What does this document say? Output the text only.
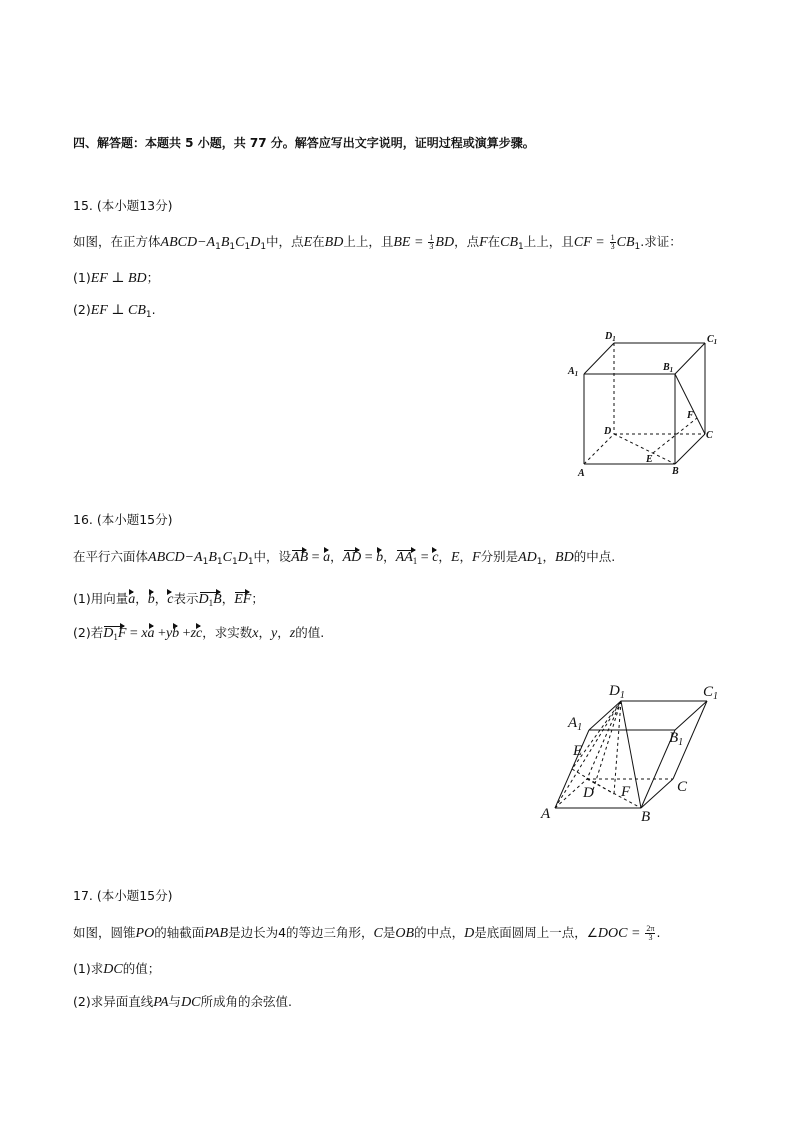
四、解答题：本题共 5 小题，共 77 分。解答应写出文字说明，证明过程或演算步骤。
15. (本小题13分)
如图，在正方体$ABCD-A_1B_1C_1D_1$中，点E在BD上上，且BE = $\frac{1}{3}$ BD，点F在$CB_1$上上，且CF = $\frac{1}{3} CB_1$.求证：
(1)EF ⊥ BD；
(2)EF ⊥ $CB_1$.
$D_1$	$C_1$
$A_1$
$B_1$
D	C
A	B
E
F
16. (本小题15分)
在平行六面体$ABCD-A_1B_1C_1D_1$中，设AB = a，AD = b，$AA_1 = c$，E，F分别是$AD_1$，BD的中点.
(1)用向量a，b，c表示$D_1B$，EF；
(2)若$D_1F$ = xa +yb +zc，求实数x，y，z的值.
$D_1$	$C_1$
$A_1$
$B_1$
E
D F	C
A	B
17. (本小题15分)
如图，圆锥PO的轴截面PAB是边长为4的等边三角形，C是OB的中点，D是底面圆周上一点，∠DOC = $\frac{2\pi}{3}$ .
(1)求DC的值；
(2)求异面直线PA与DC所成角的余弦值.
